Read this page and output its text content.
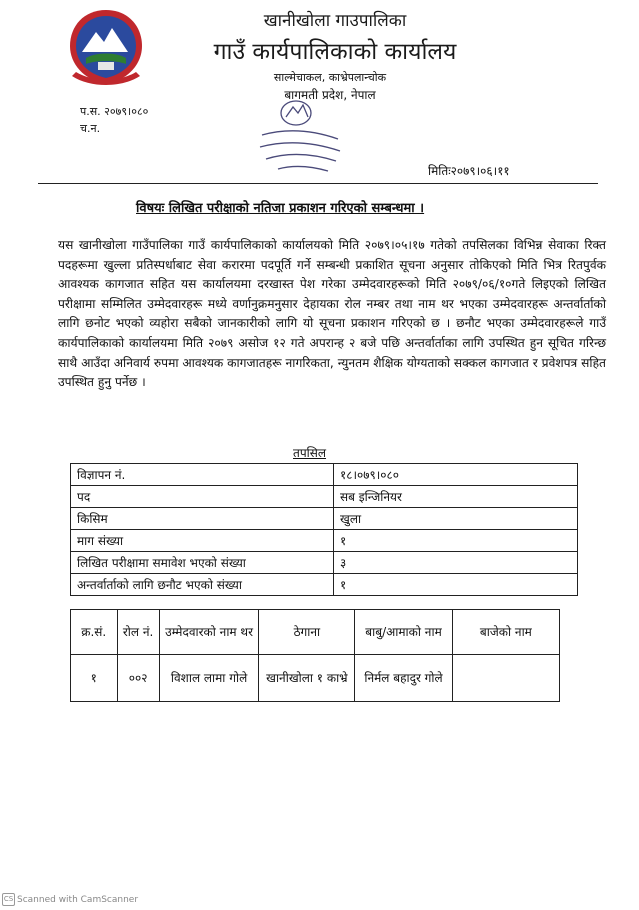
खानीखोला गाउपालिका
गाउँ कार्यपालिकाको कार्यालय
साल्मेचाकल, काभ्रेपलान्चोक
बागमती प्रदेश, नेपाल
प.स. २०७९।०८०
च.न.
मितिः२०७९।०६।११
विषयः लिखित परीक्षाको नतिजा प्रकाशन गरिएको सम्बन्धमा ।

यस खानीखोला गाउँपालिका गाउँ कार्यपालिकाको कार्यालयको मिति २०७९।०५।१७ गतेको तपसिलका विभिन्न सेवाका रिक्त पदहरूमा खुल्ला प्रतिस्पर्धाबाट सेवा करारमा पदपूर्ति गर्ने सम्बन्धी प्रकाशित सूचना अनुसार तोकिएको मिति भित्र रितपुर्वक आवश्यक कागजात सहित यस कार्यालयमा दरखास्त पेश गरेका उम्मेदवारहरूको मिति २०७९/०६/१०गते लिइएको लिखित परीक्षामा सम्मिलित उम्मेदवारहरू मध्ये वर्णानुक्रमनुसार देहायका रोल नम्बर तथा नाम थर भएका उम्मेदवारहरू अन्तर्वार्ताको लागि छनोट भएको व्यहोरा सबैको जानकारीको लागि यो सूचना प्रकाशन गरिएको छ । छनौट भएका उम्मेदवारहरूले गाउँ कार्यपालिकाको कार्यालयमा मिति २०७९ असोज १२ गते अपरान्ह २ बजे पछि अन्तर्वार्ताका लागि उपस्थित हुन सूचित गरिन्छ साथै आउँदा अनिवार्य रुपमा आवश्यक कागजातहरू नागरिकता, न्युनतम शैक्षिक योग्यताको सक्कल कागजात र प्रवेशपत्र सहित उपस्थित हुनु पर्नेछ ।

तपसिल
विज्ञापन नं.	१८।०७९।०८०
पद	सब इन्जिनियर
किसिम	खुला
माग संख्या	१
लिखित परीक्षामा समावेश भएको संख्या	३
अन्तर्वार्ताको लागि छनौट भएको संख्या	१
क्र.सं.	रोल नं.	उम्मेदवारको नाम थर	ठेगाना	बाबु/आमाको नाम	बाजेको नाम
१	००२	विशाल लामा गोले	खानीखोला १ काभ्रे	निर्मल बहादुर गोले	
CS Scanned with CamScanner
